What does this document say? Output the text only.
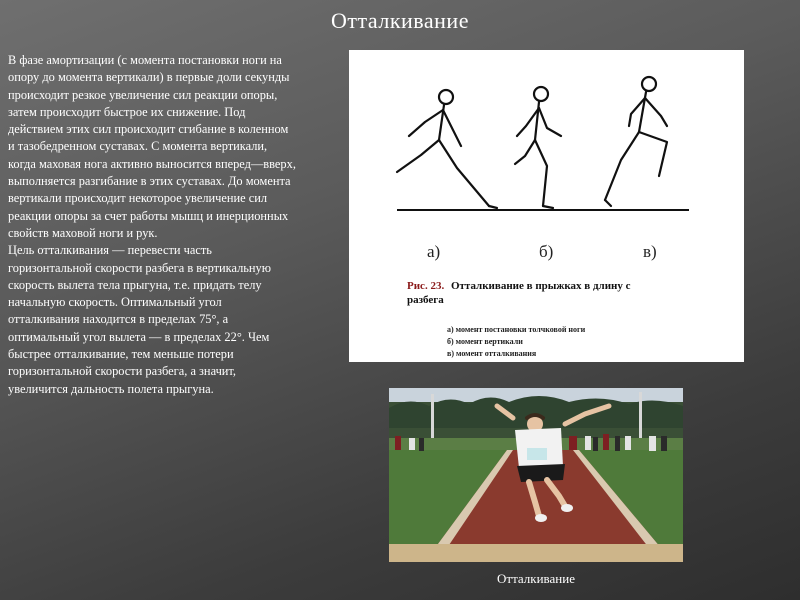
Отталкивание

В фазе амортизации (с момента постановки ноги на опору до момента вертикали) в первые доли секунды происходит резкое увеличение сил реакции опоры, затем происходит быстрое их снижение. Под действием этих сил происходит сгибание в коленном и тазобедренном суставах. С момента вертикали, когда маховая нога активно выносится вперед—вверх, выполняется разгибание в этих суставах. До момента вертикали происходит некоторое увеличение сил реакции опоры за счет работы мышц и инерционных свойств маховой ноги и рук.

Цель отталкивания — перевести часть горизонтальной скорости разбега в вертикальную скорость вылета тела прыгуна, т.е. придать телу начальную скорость. Оптимальный угол отталкивания находится в пределах 75°, а оптимальный угол вылета — в пределах 22°. Чем быстрее отталкивание, тем меньше потери горизонтальной скорости разбега, а значит, увеличится дальность полета прыгуна.

а)	б)	в)
Рис. 23. Отталкивание в прыжках в длину с
разбега
а) момент постановки толчковой ноги
б) момент вертикали
в) момент отталкивания
Отталкивание
